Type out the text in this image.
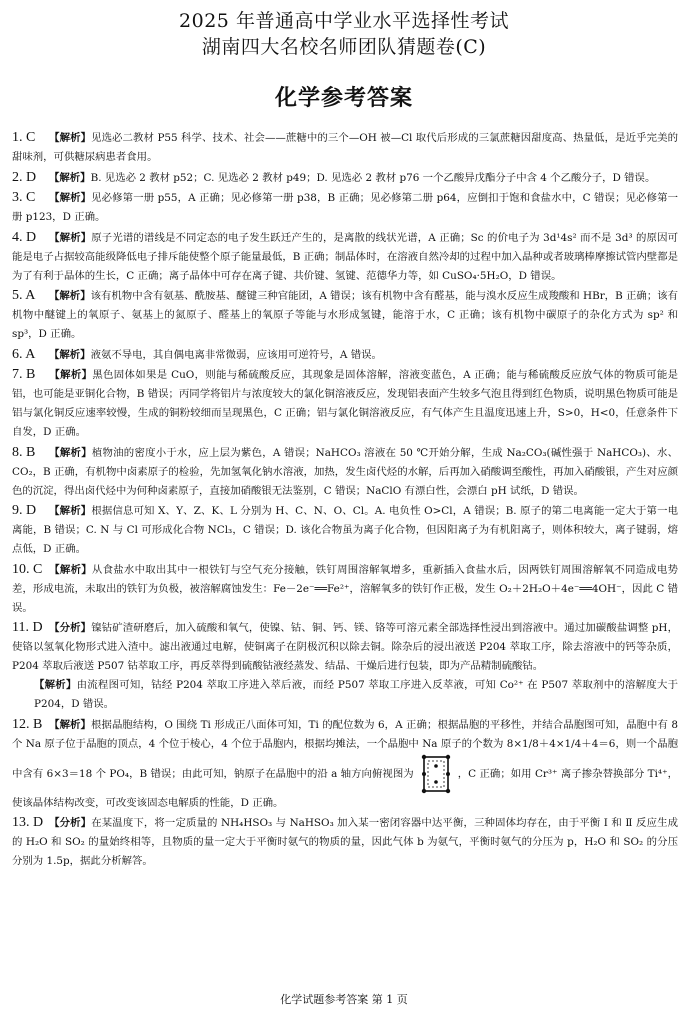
2025 年普通高中学业水平选择性考试
湖南四大名校名师团队猜题卷(C)
化学参考答案
1. C 【解析】见选必二教材 P55 科学、技术、社会——蔗糖中的三个—OH 被—Cl 取代后形成的三氯蔗糖因甜度高、热量低，是近乎完美的甜味剂，可供糖尿病患者食用。
2. D 【解析】B. 见选必 2 教材 p52；C. 见选必 2 教材 p49；D. 见选必 2 教材 p76 一个乙酸异戊酯分子中含 4 个乙酸分子，D 错误。
3. C 【解析】见必修第一册 p55，A 正确；见必修第一册 p38，B 正确；见必修第二册 p64，应倒扣于饱和食盐水中，C 错误；见必修第一册 p123，D 正确。
4. D 【解析】原子光谱的谱线是不同定态的电子发生跃迁产生的，是离散的线状光谱，A 正确；Sc 的价电子为 3d¹4s² 而不是 3d³ 的原因可能是电子占据较高能级降低电子排斥能使整个原子能量最低，B 正确；制晶体时，在溶液自然冷却的过程中加入晶种或者玻璃棒摩擦试管内壁都是为了有利于晶体的生长，C 正确；离子晶体中可存在离子键、共价键、氢键、范德华力等，如 CuSO₄·5H₂O，D 错误。
5. A 【解析】该有机物中含有氨基、酰胺基、醚键三种官能团，A 错误；该有机物中含有醛基，能与溴水反应生成羧酸和 HBr，B 正确；该有机物中醚键上的氧原子、氨基上的氮原子、醛基上的氧原子等能与水形成氢键，能溶于水，C 正确；该有机物中碳原子的杂化方式为 sp² 和 sp³，D 正确。
6. A 【解析】液氨不导电，其自偶电离非常微弱，应该用可逆符号，A 错误。
7. B 【解析】黑色固体如果是 CuO，则能与稀硫酸反应，其现象是固体溶解，溶液变蓝色，A 正确；能与稀硫酸反应放气体的物质可能是铝，也可能是亚铜化合物，B 错误；丙同学将铝片与浓度较大的氯化铜溶液反应，发现铝表面产生较多气泡且得到红色物质，说明黑色物质可能是铝与氯化铜反应速率较慢，生成的铜粉较细而呈现黑色，C 正确；铝与氯化铜溶液反应，有气体产生且温度迅速上升，S>0，H<0，任意条件下自发，D 正确。
8. B 【解析】植物油的密度小于水，应上层为紫色，A 错误；NaHCO₃ 溶液在 50 ℃开始分解，生成 Na₂CO₃(碱性强于 NaHCO₃)、水、CO₂，B 正确，有机物中卤素原子的检验，先加氢氧化钠水溶液，加热，发生卤代烃的水解，后再加入硝酸调至酸性，再加入硝酸银，产生对应颜色的沉淀，得出卤代烃中为何种卤素原子，直接加硝酸银无法鉴别，C 错误；NaClO 有漂白性，会漂白 pH 试纸，D 错误。
9. D 【解析】根据信息可知 X、Y、Z、K、L 分别为 H、C、N、O、Cl。A. 电负性 O>Cl，A 错误；B. 原子的第二电离能一定大于第一电离能，B 错误；C. N 与 Cl 可形成化合物 NCl₃，C 错误；D. 该化合物虽为离子化合物，但因阳离子为有机阳离子，则体积较大，离子键弱，熔点低，D 正确。
10. C 【解析】从食盐水中取出其中一根铁钉与空气充分接触，铁钉周围溶解氧增多，重新插入食盐水后，因两铁钉周围溶解氧不同造成电势差，形成电流，未取出的铁钉为负极，被溶解腐蚀发生：Fe－2e⁻══Fe²⁺，溶解氧多的铁钉作正极，发生 O₂＋2H₂O＋4e⁻══4OH⁻，因此 C 错误。
11. D 【分析】镍钴矿渣研磨后，加入硫酸和氧气，使镍、钴、铜、钙、镁、铬等可溶元素全部选择性浸出到溶液中。通过加碳酸盐调整 pH，使铬以氢氧化物形式进入渣中。滤出液通过电解，使铜离子在阴极沉积以除去铜。除杂后的浸出液送 P204 萃取工序，除去溶液中的钙等杂质，P204 萃取后液送 P507 钴萃取工序，再反萃得到硫酸钴液经蒸发、结晶、干燥后进行包装，即为产品精制硫酸钴。
【解析】由流程图可知，钴经 P204 萃取工序进入萃后液，而经 P507 萃取工序进入反萃液，可知 Co²⁺ 在 P507 萃取剂中的溶解度大于 P204，D 错误。
12. B 【解析】根据晶胞结构，O 围绕 Ti 形成正八面体可知，Ti 的配位数为 6，A 正确；根据晶胞的平移性，并结合晶胞图可知，晶胞中有 8 个 Na 原子位于晶胞的顶点，4 个位于棱心，4 个位于晶胞内，根据均摊法，一个晶胞中 Na 原子的个数为 8×1/8＋4×1/4＋4＝6，则一个晶胞中含有 6×3＝18 个 PO₄，B 错误；由此可知，钠原子在晶胞中的沿 a 轴方向俯视图为	，C 正确；如用 Cr³⁺ 离子掺杂替换部分 Ti⁴⁺，使该晶体结构改变，可改变该固态电解质的性能，D 正确。
13. D 【分析】在某温度下，将一定质量的 NH₄HSO₃ 与 NaHSO₃ 加入某一密闭容器中达平衡，三种固体均存在，由于平衡 Ⅰ 和 Ⅱ 反应生成的 H₂O 和 SO₂ 的量始终相等，且物质的量一定大于平衡时氨气的物质的量，因此气体 b 为氨气，平衡时氨气的分压为 p，H₂O 和 SO₂ 的分压分别为 1.5p，据此分析解答。
化学试题参考答案 第 1 页
